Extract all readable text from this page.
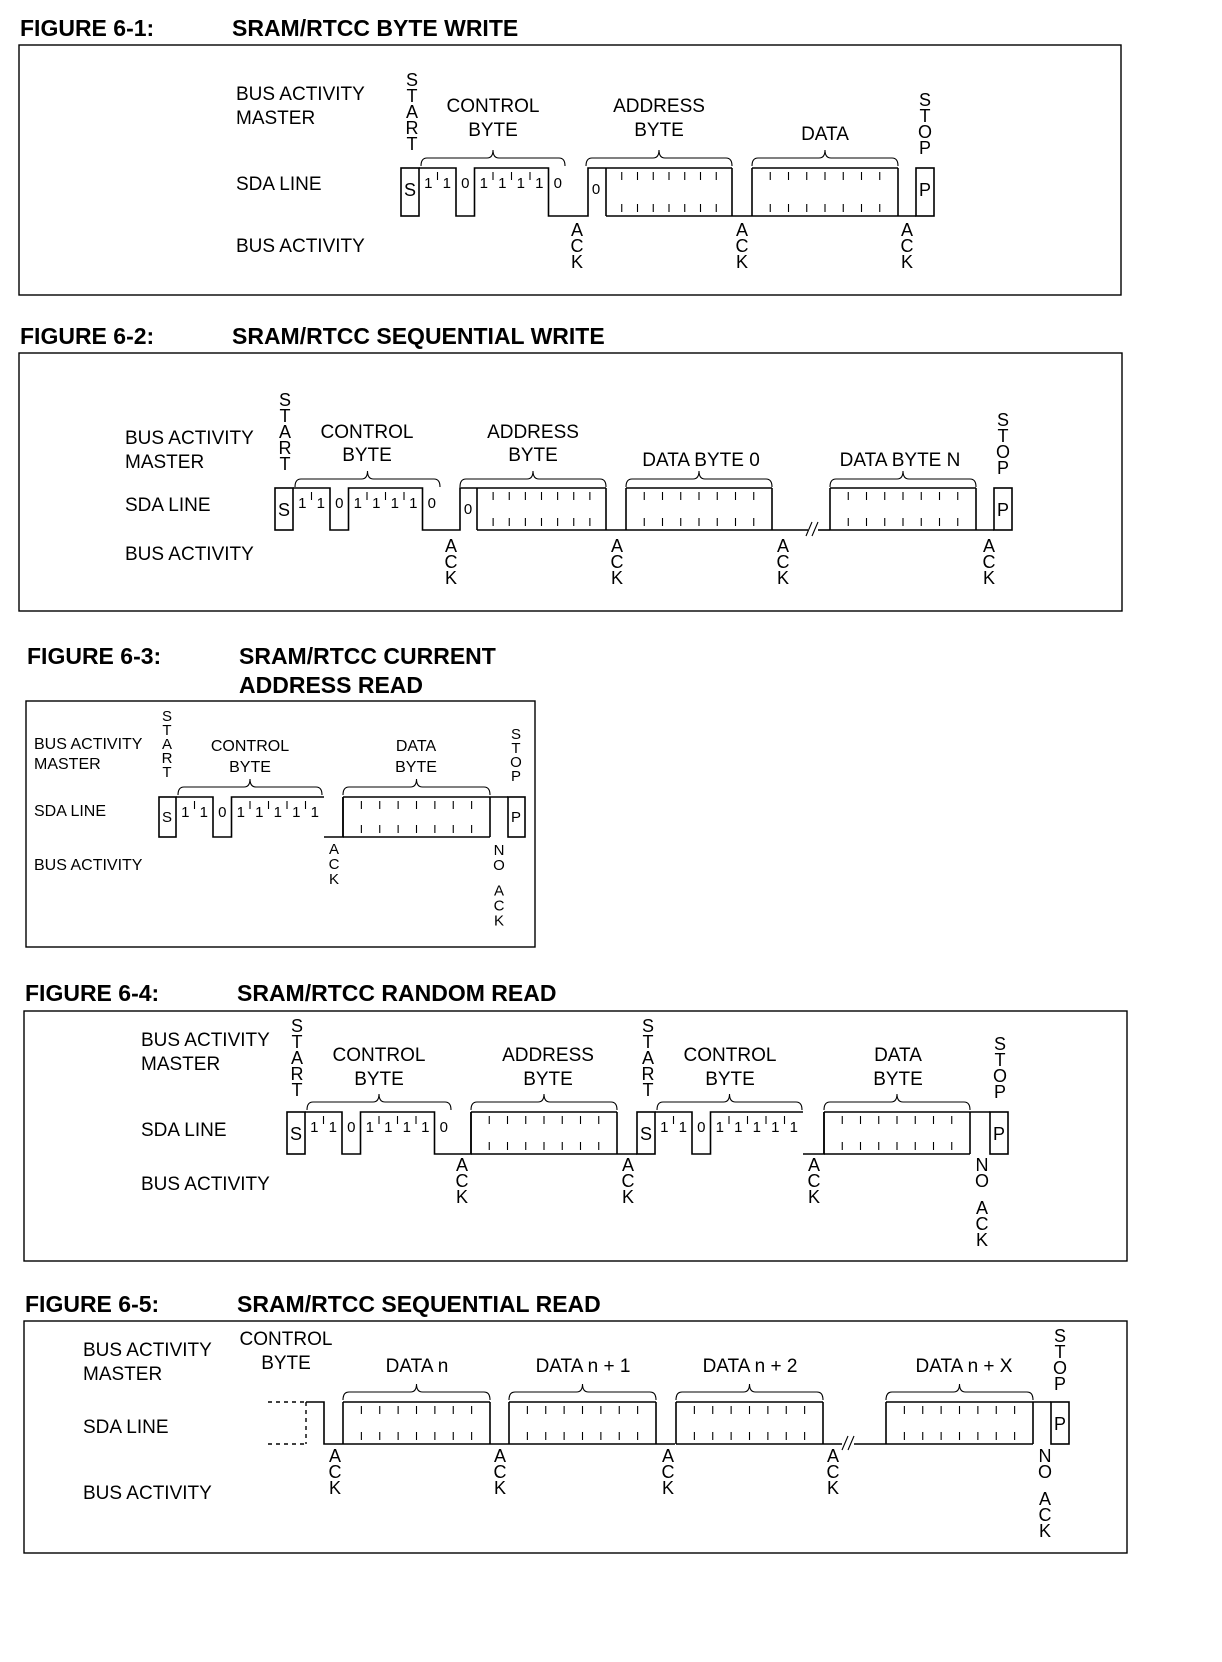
FIGURE 6-1:	SRAM/RTCC BYTE WRITE
BUS ACTIVITY
MASTER
SDA LINE
BUS ACTIVITY
S
T
A
R
T
S 1 1 0 1 1 1 1 0
CONTROL
BYTE
0
ADDRESS
BYTE	DATA
P
S
T
O
P
A
C
K
A
C
K
A
C
K
FIGURE 6-2:	SRAM/RTCC SEQUENTIAL WRITE
BUS ACTIVITY
MASTER
SDA LINE
BUS ACTIVITY
S
T
A
R
T
S 1 1 0 1 1 1 1 0
CONTROL
BYTE
0
ADDRESS
BYTE	DATA BYTE 0	DATA BYTE N
P
S
T
O
P
A
C
K
A
C
K
A
C
K
A
C
K
FIGURE 6-3:	SRAM/RTCC CURRENT
ADDRESS READ
BUS ACTIVITY
MASTER
SDA LINE
BUS ACTIVITY
S
T
A
R
T
S 1 1 0 1 1 1 1 1
CONTROL
BYTE
DATA
BYTE
P
S
T
O
P
A
C
K
N
O
A
C
K
FIGURE 6-4:	SRAM/RTCC RANDOM READ
BUS ACTIVITY
MASTER
SDA LINE
BUS ACTIVITY
S
T
A
R
T
S 1 1 0 1 1 1 1 0
CONTROL
BYTE
ADDRESS
BYTE
S
T
A
R
T
S 1 1 0 1 1 1 1 1
CONTROL
BYTE
DATA
BYTE
P
S
T
O
P
A
C
K
A
C
K
A
C
K
N
O
A
C
K
FIGURE 6-5:	SRAM/RTCC SEQUENTIAL READ
BUS ACTIVITY
MASTER
SDA LINE
BUS ACTIVITY
CONTROL
BYTE	DATA n	DATA n + 1	DATA n + 2	DATA n + X
P
S
T
O
P
A
C
K
A
C
K
A
C
K
A
C
K
N
O
A
C
K
